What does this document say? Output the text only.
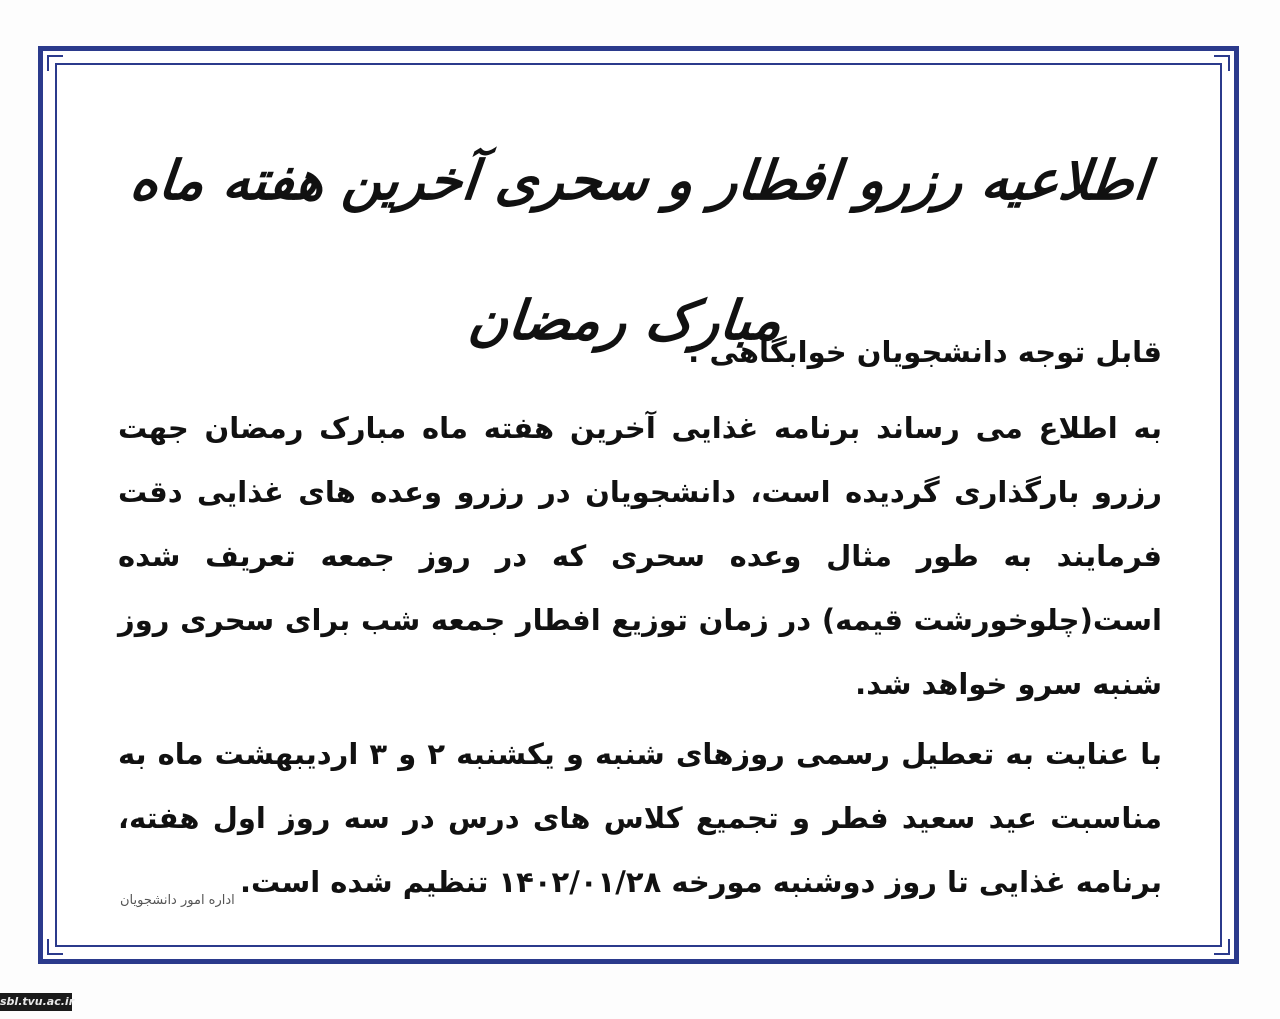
اطلاعیه رزرو افطار و سحری آخرین هفته ماه مبارک رمضان

قابل توجه دانشجویان خوابگاهی :

به اطلاع می رساند برنامه غذایی آخرین هفته ماه مبارک رمضان جهت رزرو بارگذاری گردیده است، دانشجویان در رزرو وعده های غذایی دقت فرمایند به طور مثال وعده سحری که در روز جمعه تعریف شده است(چلوخورشت قیمه) در زمان توزیع افطار جمعه شب برای سحری روز شنبه سرو خواهد شد.

با عنایت به تعطیل رسمی روزهای شنبه و یکشنبه ۲ و ۳ اردیبهشت ماه به مناسبت عید سعید فطر و تجمیع کلاس های درس در سه روز اول هفته، برنامه غذایی تا روز دوشنبه مورخه ۱۴۰۲/۰۱/۲۸ تنظیم شده است.

اداره امور دانشجویان
sbl.tvu.ac.ir
